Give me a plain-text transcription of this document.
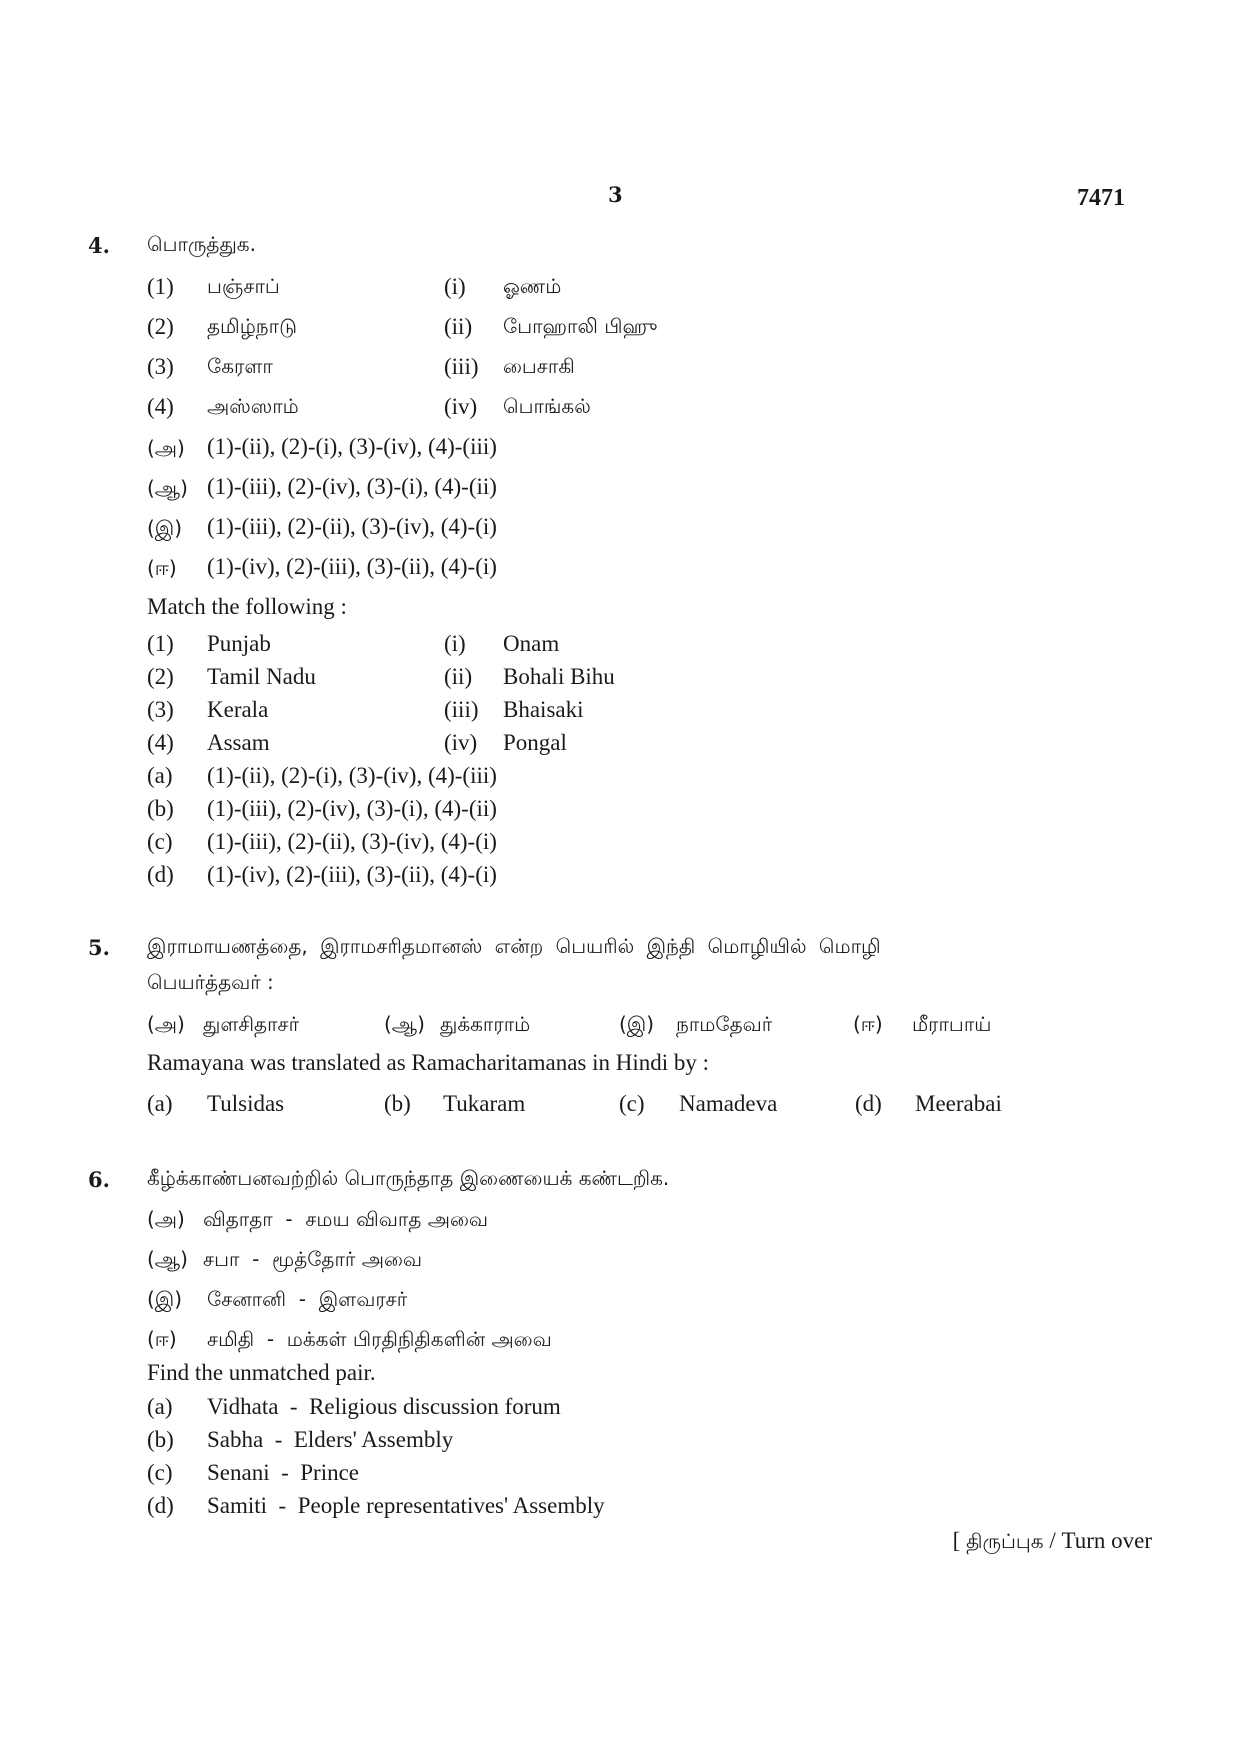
3	7471
4. பொருத்துக.
(1) பஞ்சாப்	(i) ஓணம்
(2) தமிழ்நாடு	(ii) போஹாலி பிஹு
(3) கேரளா	(iii) பைசாகி
(4) அஸ்ஸாம்	(iv) பொங்கல்
(அ) (1)-(ii), (2)-(i), (3)-(iv), (4)-(iii)
(ஆ) (1)-(iii), (2)-(iv), (3)-(i), (4)-(ii)
(இ) (1)-(iii), (2)-(ii), (3)-(iv), (4)-(i)
(ஈ) (1)-(iv), (2)-(iii), (3)-(ii), (4)-(i)
Match the following :
(1) Punjab	(i) Onam
(2) Tamil Nadu	(ii) Bohali Bihu
(3) Kerala	(iii) Bhaisaki
(4) Assam	(iv) Pongal
(a) (1)-(ii), (2)-(i), (3)-(iv), (4)-(iii)
(b) (1)-(iii), (2)-(iv), (3)-(i), (4)-(ii)
(c) (1)-(iii), (2)-(ii), (3)-(iv), (4)-(i)
(d) (1)-(iv), (2)-(iii), (3)-(ii), (4)-(i)
5. இராமாயணத்தை, இராமசரிதமானஸ் என்ற பெயரில் இந்தி மொழியில் மொழி
பெயர்த்தவர் :
(அ) துளசிதாசர்	(ஆ) துக்காராம்	(இ) நாமதேவர்	(ஈ) மீராபாய்
Ramayana was translated as Ramacharitamanas in Hindi by :
(a) Tulsidas	(b) Tukaram	(c) Namadeva	(d) Meerabai
6. கீழ்க்காண்பனவற்றில் பொருந்தாத இணையைக் கண்டறிக.
(அ) விதாதா  -  சமய விவாத அவை
(ஆ) சபா  -  மூத்தோர் அவை
(இ) சேனானி  -  இளவரசர்
(ஈ) சமிதி  -  மக்கள் பிரதிநிதிகளின் அவை
Find the unmatched pair.
(a) Vidhata  -  Religious discussion forum
(b) Sabha  -  Elders' Assembly
(c) Senani  -  Prince
(d) Samiti  -  People representatives' Assembly
[ திருப்புக / Turn over
